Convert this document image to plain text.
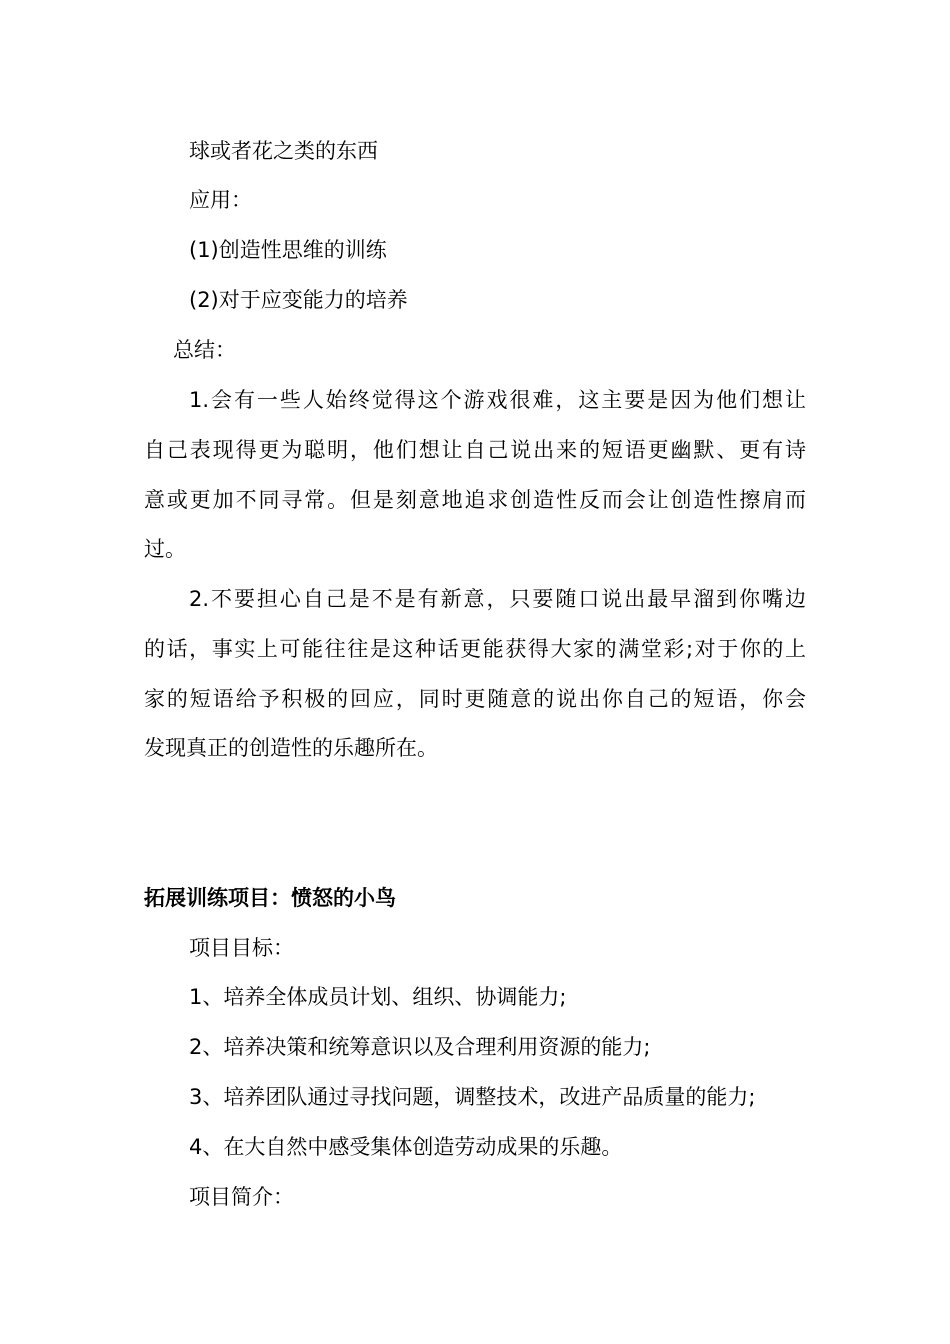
球或者花之类的东西

应用：

(1)创造性思维的训练

(2)对于应变能力的培养

总结：

1.会有一些人始终觉得这个游戏很难，这主要是因为他们想让

自己表现得更为聪明，他们想让自己说出来的短语更幽默、更有诗

意或更加不同寻常。但是刻意地追求创造性反而会让创造性擦肩而

过。

2.不要担心自己是不是有新意，只要随口说出最早溜到你嘴边

的话，事实上可能往往是这种话更能获得大家的满堂彩;对于你的上

家的短语给予积极的回应，同时更随意的说出你自己的短语，你会

发现真正的创造性的乐趣所在。

拓展训练项目：愤怒的小鸟

项目目标：

1、培养全体成员计划、组织、协调能力;

2、培养决策和统筹意识以及合理利用资源的能力;

3、培养团队通过寻找问题，调整技术，改进产品质量的能力;

4、在大自然中感受集体创造劳动成果的乐趣。

项目简介：
